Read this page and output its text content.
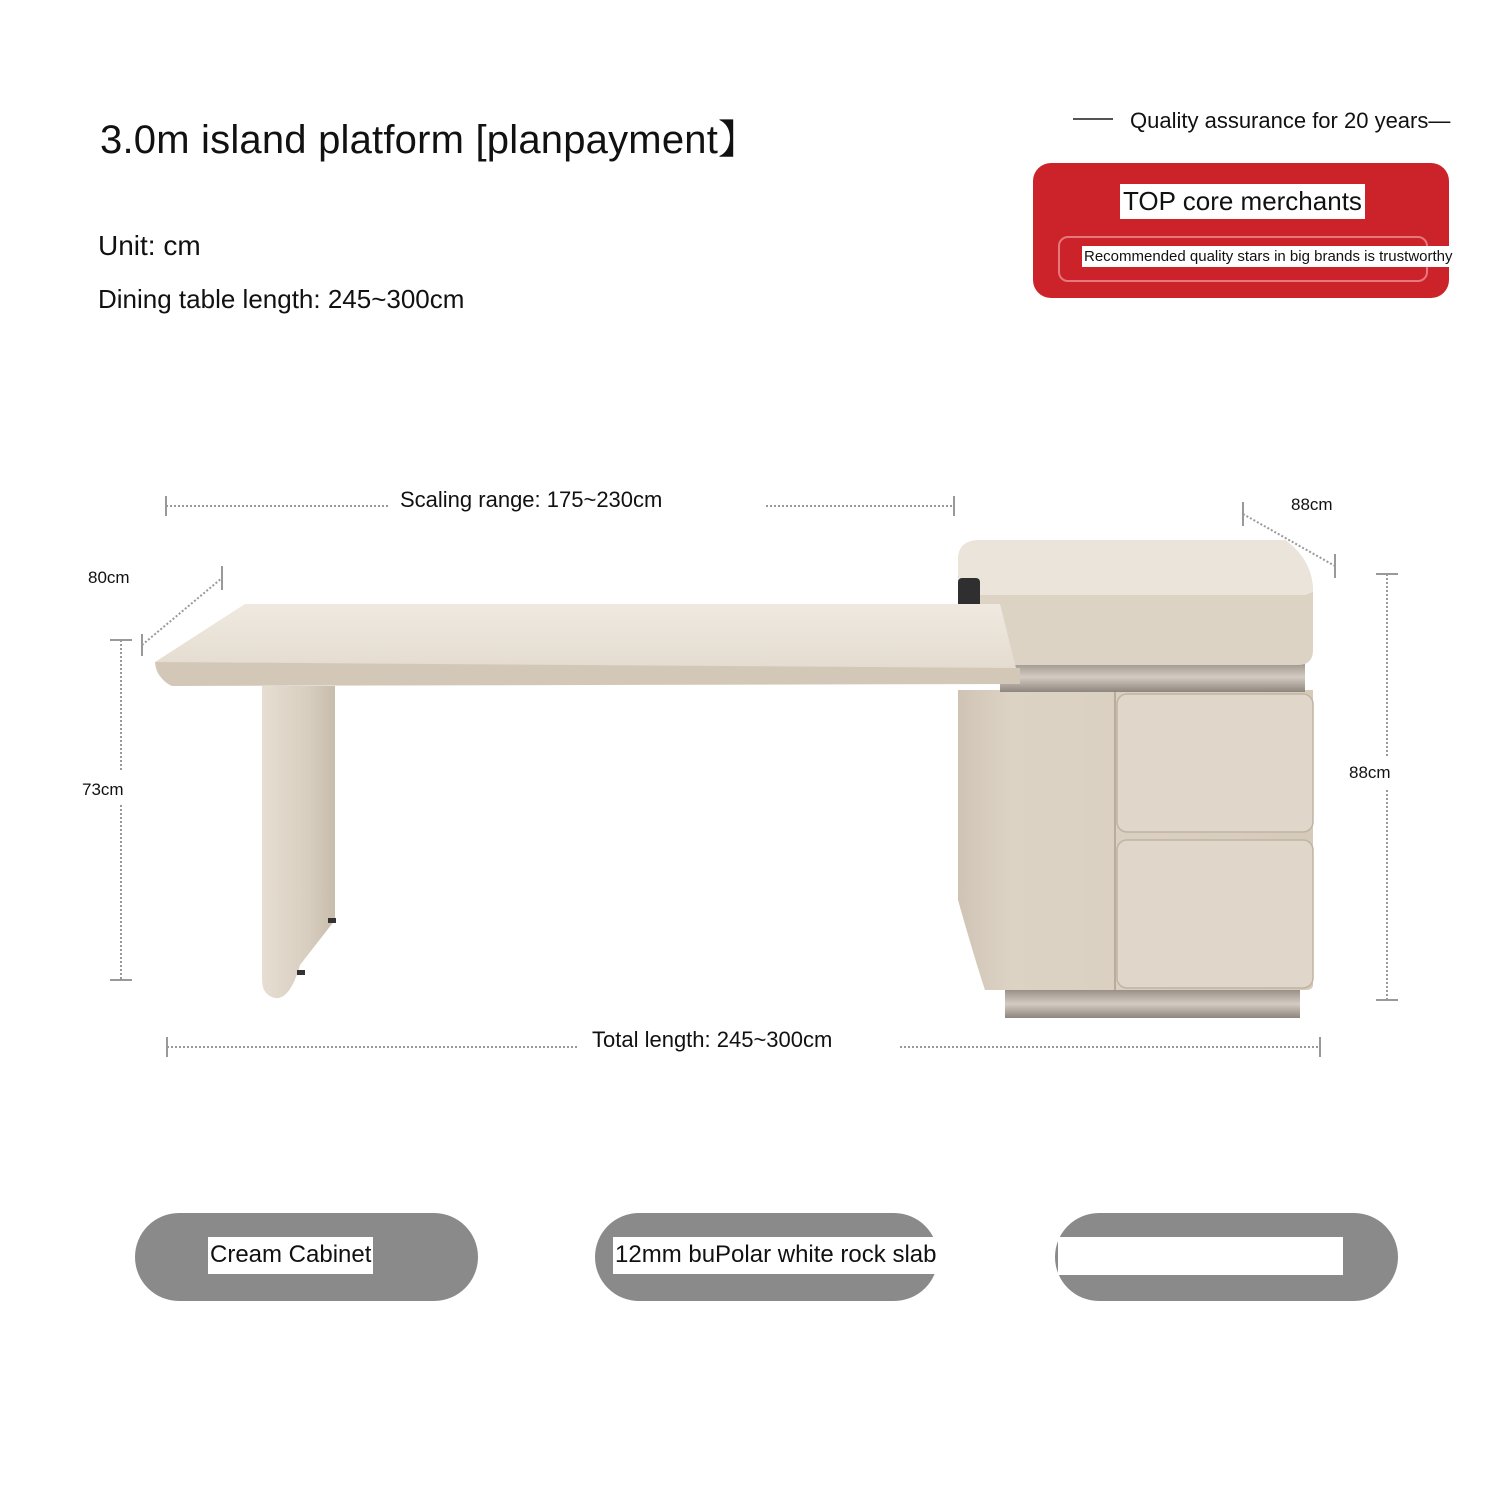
3.0m island platform [planpayment】
Unit: cm
Dining table length: 245~300cm
Quality assurance for 20 years—
TOP core merchants
Recommended quality stars in big brands is trustworthy
Scaling range: 175~230cm
Total length: 245~300cm
80cm
73cm
88cm
88cm
Cream Cabinet	12mm buPolar white rock slab
